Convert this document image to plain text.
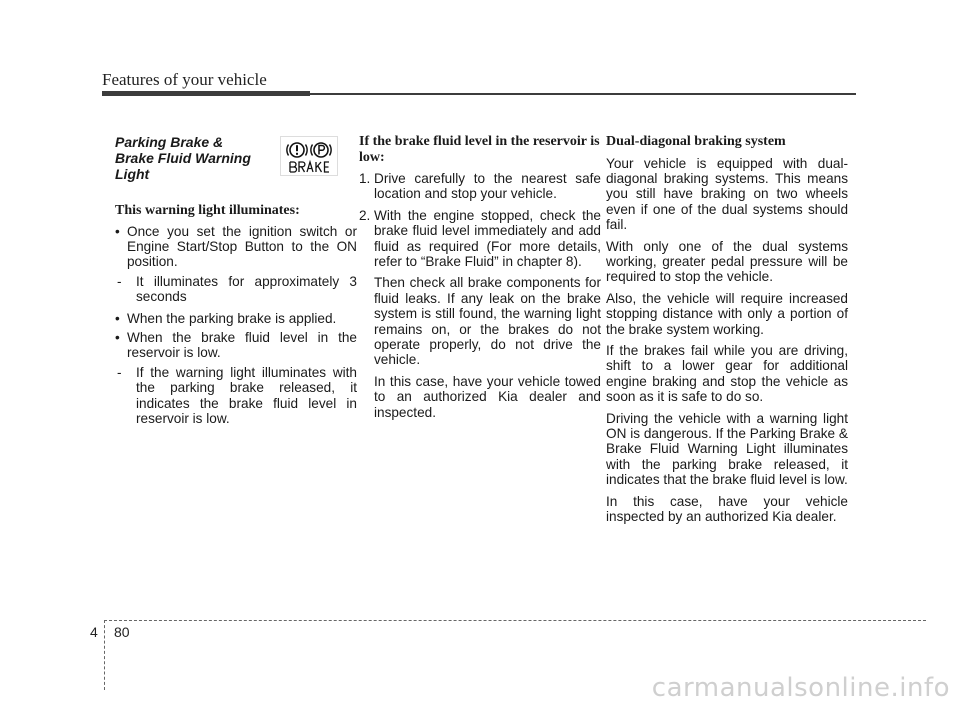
Features of your vehicle
Parking Brake & Brake Fluid Warning Light
This warning light illuminates:
• Once you set the ignition switch or Engine Start/Stop Button to the ON position.
- It illuminates for approximately 3 seconds
• When the parking brake is applied.
• When the brake fluid level in the reservoir is low.
- If the warning light illuminates with the parking brake released, it indicates the brake fluid level in reservoir is low.
If the brake fluid level in the reservoir is low:
1. Drive carefully to the nearest safe location and stop your vehicle.
2. With the engine stopped, check the brake fluid level immediately and add fluid as required (For more details, refer to “Brake Fluid” in chapter 8).

Then check all brake components for fluid leaks. If any leak on the brake system is still found, the warning light remains on, or the brakes do not operate properly, do not drive the vehicle.

In this case, have your vehicle towed to an authorized Kia dealer and inspected.

Dual-diagonal braking system

Your vehicle is equipped with dual-diagonal braking systems. This means you still have braking on two wheels even if one of the dual systems should fail.

With only one of the dual systems working, greater pedal pressure will be required to stop the vehicle.

Also, the vehicle will require increased stopping distance with only a portion of the brake system working.

If the brakes fail while you are driving, shift to a lower gear for additional engine braking and stop the vehicle as soon as it is safe to do so.

Driving the vehicle with a warning light ON is dangerous. If the Parking Brake & Brake Fluid Warning Light illuminates with the parking brake released, it indicates that the brake fluid level is low.

In this case, have your vehicle inspected by an authorized Kia dealer.

4 80
carmanualsonline.info
